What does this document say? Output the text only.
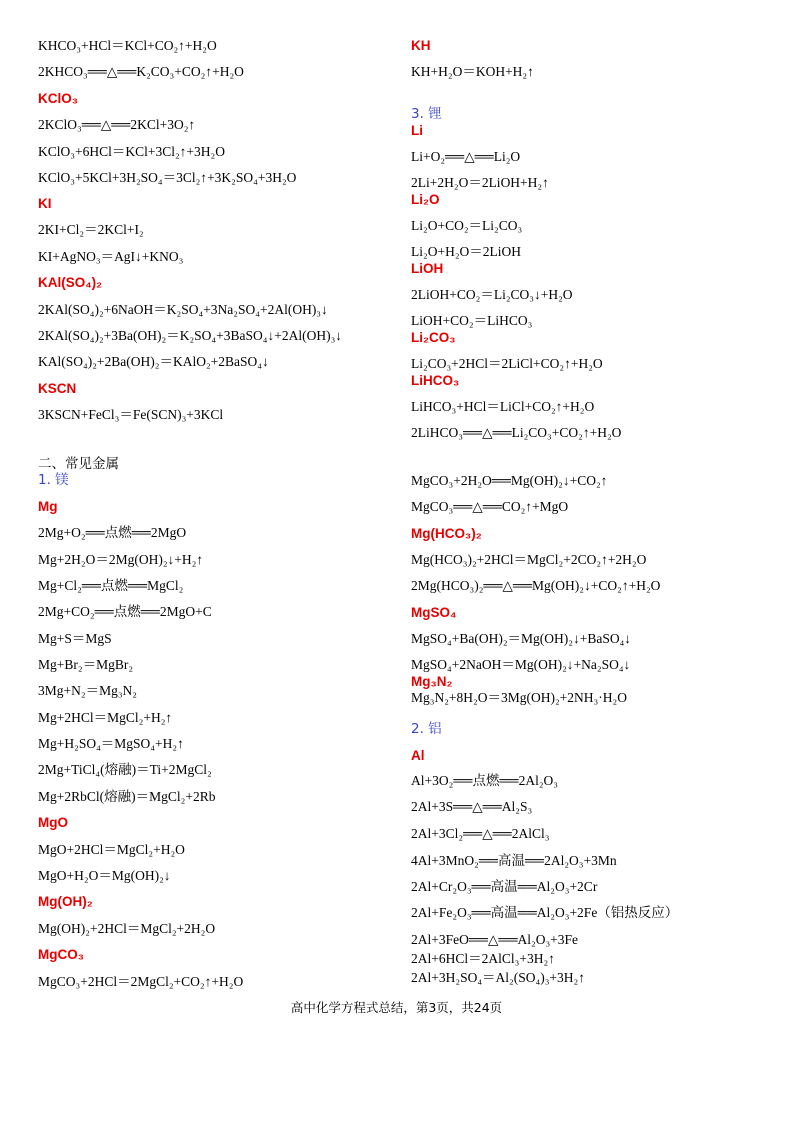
KHCO₃+HCl＝KCl+CO₂↑+H₂O
2KHCO₃══△══K₂CO₃+CO₂↑+H₂O
KClO₃
2KClO₃══△══2KCl+3O₂↑
KClO₃+6HCl＝KCl+3Cl₂↑+3H₂O
KClO₃+5KCl+3H₂SO₄＝3Cl₂↑+3K₂SO₄+3H₂O
KI
2KI+Cl₂＝2KCl+I₂
KI+AgNO₃＝AgI↓+KNO₃
KAl(SO₄)₂
2KAl(SO₄)₂+6NaOH＝K₂SO₄+3Na₂SO₄+2Al(OH)₃↓
2KAl(SO₄)₂+3Ba(OH)₂＝K₂SO₄+3BaSO₄↓+2Al(OH)₃↓
KAl(SO₄)₂+2Ba(OH)₂＝KAlO₂+2BaSO₄↓
KSCN
3KSCN+FeCl₃＝Fe(SCN)₃+3KCl
二、常见金属
1. 镁
Mg
2Mg+O₂══点燃══2MgO
Mg+2H₂O＝2Mg(OH)₂↓+H₂↑
Mg+Cl₂══点燃══MgCl₂
2Mg+CO₂══点燃══2MgO+C
Mg+S＝MgS
Mg+Br₂＝MgBr₂
3Mg+N₂＝Mg₃N₂
Mg+2HCl＝MgCl₂+H₂↑
Mg+H₂SO₄＝MgSO₄+H₂↑
2Mg+TiCl₄(熔融)＝Ti+2MgCl₂
Mg+2RbCl(熔融)＝MgCl₂+2Rb
MgO
MgO+2HCl＝MgCl₂+H₂O
MgO+H₂O＝Mg(OH)₂↓
Mg(OH)₂
Mg(OH)₂+2HCl＝MgCl₂+2H₂O
MgCO₃
MgCO₃+2HCl＝2MgCl₂+CO₂↑+H₂O
KH
KH+H₂O＝KOH+H₂↑
3. 锂
Li
Li+O₂══△══Li₂O
2Li+2H₂O＝2LiOH+H₂↑
Li₂O
Li₂O+CO₂＝Li₂CO₃
Li₂O+H₂O＝2LiOH
LiOH
2LiOH+CO₂＝Li₂CO₃↓+H₂O
LiOH+CO₂＝LiHCO₃
Li₂CO₃
Li₂CO₃+2HCl＝2LiCl+CO₂↑+H₂O
LiHCO₃
LiHCO₃+HCl＝LiCl+CO₂↑+H₂O
2LiHCO₃══△══Li₂CO₃+CO₂↑+H₂O
MgCO₃+2H₂O══Mg(OH)₂↓+CO₂↑
MgCO₃══△══CO₂↑+MgO
Mg(HCO₃)₂
Mg(HCO₃)₂+2HCl＝MgCl₂+2CO₂↑+2H₂O
2Mg(HCO₃)₂══△══Mg(OH)₂↓+CO₂↑+H₂O
MgSO₄
MgSO₄+Ba(OH)₂＝Mg(OH)₂↓+BaSO₄↓
MgSO₄+2NaOH＝Mg(OH)₂↓+Na₂SO₄↓
Mg₃N₂
Mg₃N₂+8H₂O＝3Mg(OH)₂+2NH₃·H₂O
2. 铝
Al
Al+3O₂══点燃══2Al₂O₃
2Al+3S══△══Al₂S₃
2Al+3Cl₂══△══2AlCl₃
4Al+3MnO₂══高温══2Al₂O₃+3Mn
2Al+Cr₂O₃══高温══Al₂O₃+2Cr
2Al+Fe₂O₃══高温══Al₂O₃+2Fe（铝热反应）
2Al+3FeO══△══Al₂O₃+3Fe
2Al+6HCl＝2AlCl₃+3H₂↑
2Al+3H₂SO₄＝Al₂(SO₄)₃+3H₂↑
高中化学方程式总结，第3页，共24页
